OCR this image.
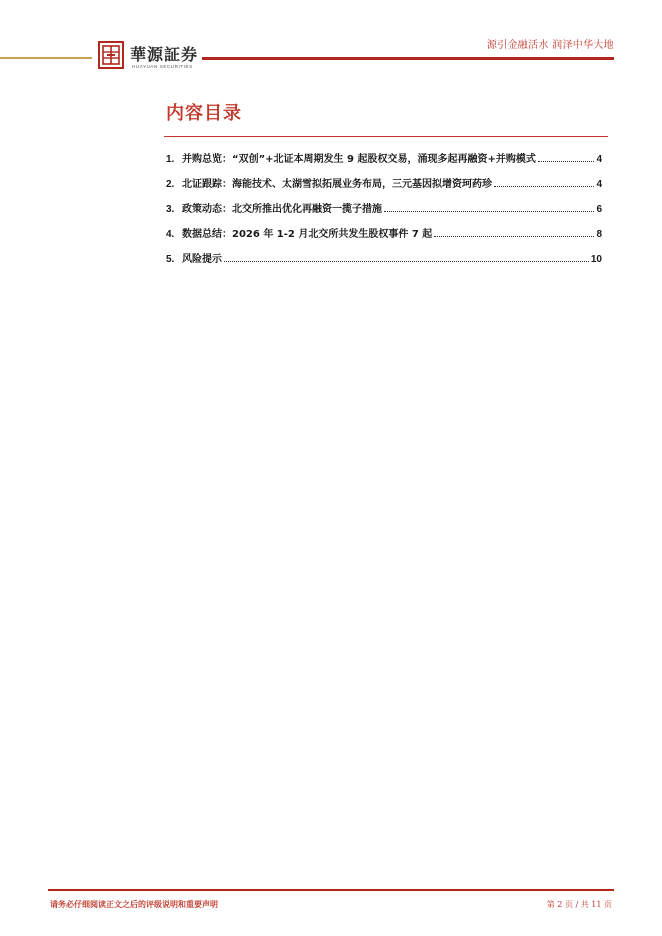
源引金融活水 润泽中华大地
華源証券
HUAYUAN SECURITIES
内容目录
1. 并购总览：“双创”+北证本周期发生 9 起股权交易，涌现多起再融资+并购模式	4
2. 北证跟踪：海能技术、太湖雪拟拓展业务布局，三元基因拟增资珂药珍	4
3. 政策动态：北交所推出优化再融资一揽子措施	6
4. 数据总结：2026 年 1-2 月北交所共发生股权事件 7 起	8
5. 风险提示	10
请务必仔细阅读正文之后的评级说明和重要声明	第 2 页 / 共 11 页
